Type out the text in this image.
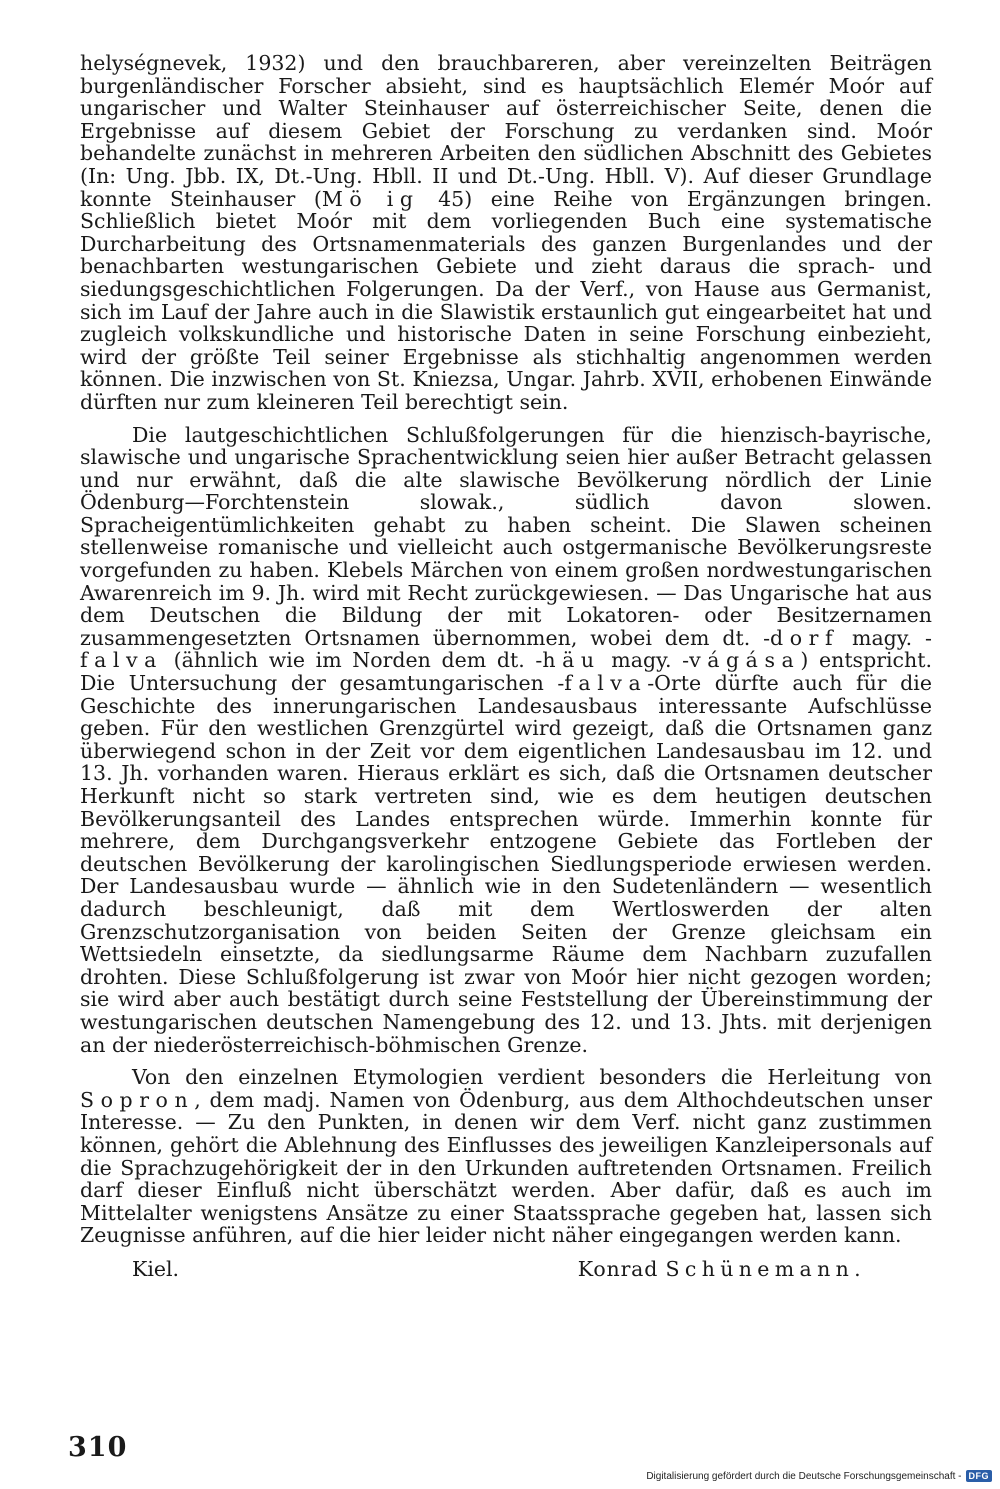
helységnevek, 1932) und den brauchbareren, aber vereinzelten Beiträgen burgenländischer Forscher absieht, sind es hauptsächlich Elemér Moór auf ungarischer und Walter Steinhauser auf österreichischer Seite, denen die Ergebnisse auf diesem Gebiet der Forschung zu verdanken sind. Moór behandelte zunächst in mehreren Arbeiten den südlichen Abschnitt des Gebietes (In: Ung. Jbb. IX, Dt.-Ung. Hbll. II und Dt.-Ung. Hbll. V). Auf dieser Grundlage konnte Steinhauser (Mö ig 45) eine Reihe von Ergänzungen bringen. Schließlich bietet Moór mit dem vorliegenden Buch eine systematische Durcharbeitung des Ortsnamenmaterials des ganzen Burgenlandes und der benachbarten westungarischen Gebiete und zieht daraus die sprach- und siedungsgeschichtlichen Folgerungen. Da der Verf., von Hause aus Germanist, sich im Lauf der Jahre auch in die Slawistik erstaunlich gut eingearbeitet hat und zugleich volkskundliche und historische Daten in seine Forschung einbezieht, wird der größte Teil seiner Ergebnisse als stichhaltig angenommen werden können. Die inzwischen von St. Kniezsa, Ungar. Jahrb. XVII, erhobenen Einwände dürften nur zum kleineren Teil berechtigt sein.

Die lautgeschichtlichen Schlußfolgerungen für die hienzisch-bayrische, slawische und ungarische Sprachentwicklung seien hier außer Betracht gelassen und nur erwähnt, daß die alte slawische Bevölkerung nördlich der Linie Ödenburg—Forchtenstein slowak., südlich davon slowen. Spracheigentümlichkeiten gehabt zu haben scheint. Die Slawen scheinen stellenweise romanische und vielleicht auch ostgermanische Bevölkerungsreste vorgefunden zu haben. Klebels Märchen von einem großen nordwestungarischen Awarenreich im 9. Jh. wird mit Recht zurückgewiesen. — Das Ungarische hat aus dem Deutschen die Bildung der mit Lokatoren- oder Besitzernamen zusammengesetzten Ortsnamen übernommen, wobei dem dt. -dorf magy. -falva (ähnlich wie im Norden dem dt. -häu magy. -vágása) entspricht. Die Untersuchung der gesamtungarischen -falva-Orte dürfte auch für die Geschichte des innerungarischen Landesausbaus interessante Aufschlüsse geben. Für den westlichen Grenzgürtel wird gezeigt, daß die Ortsnamen ganz überwiegend schon in der Zeit vor dem eigentlichen Landesausbau im 12. und 13. Jh. vorhanden waren. Hieraus erklärt es sich, daß die Ortsnamen deutscher Herkunft nicht so stark vertreten sind, wie es dem heutigen deutschen Bevölkerungsanteil des Landes entsprechen würde. Immerhin konnte für mehrere, dem Durchgangsverkehr entzogene Gebiete das Fortleben der deutschen Bevölkerung der karolingischen Siedlungsperiode erwiesen werden. Der Landesausbau wurde — ähnlich wie in den Sudetenländern — wesentlich dadurch beschleunigt, daß mit dem Wertloswerden der alten Grenzschutzorganisation von beiden Seiten der Grenze gleichsam ein Wettsiedeln einsetzte, da siedlungsarme Räume dem Nachbarn zuzufallen drohten. Diese Schlußfolgerung ist zwar von Moór hier nicht gezogen worden; sie wird aber auch bestätigt durch seine Feststellung der Übereinstimmung der westungarischen deutschen Namengebung des 12. und 13. Jhts. mit derjenigen an der niederösterreichisch-böhmischen Grenze.

Von den einzelnen Etymologien verdient besonders die Herleitung von Sopron, dem madj. Namen von Ödenburg, aus dem Althochdeutschen unser Interesse. — Zu den Punkten, in denen wir dem Verf. nicht ganz zustimmen können, gehört die Ablehnung des Einflusses des jeweiligen Kanzleipersonals auf die Sprachzugehörigkeit der in den Urkunden auftretenden Ortsnamen. Freilich darf dieser Einfluß nicht überschätzt werden. Aber dafür, daß es auch im Mittelalter wenigstens Ansätze zu einer Staatssprache gegeben hat, lassen sich Zeugnisse anführen, auf die hier leider nicht näher eingegangen werden kann.

Kiel.	Konrad Schünemann.
310
Digitalisierung gefördert durch die Deutsche Forschungsgemeinschaft - DFG
